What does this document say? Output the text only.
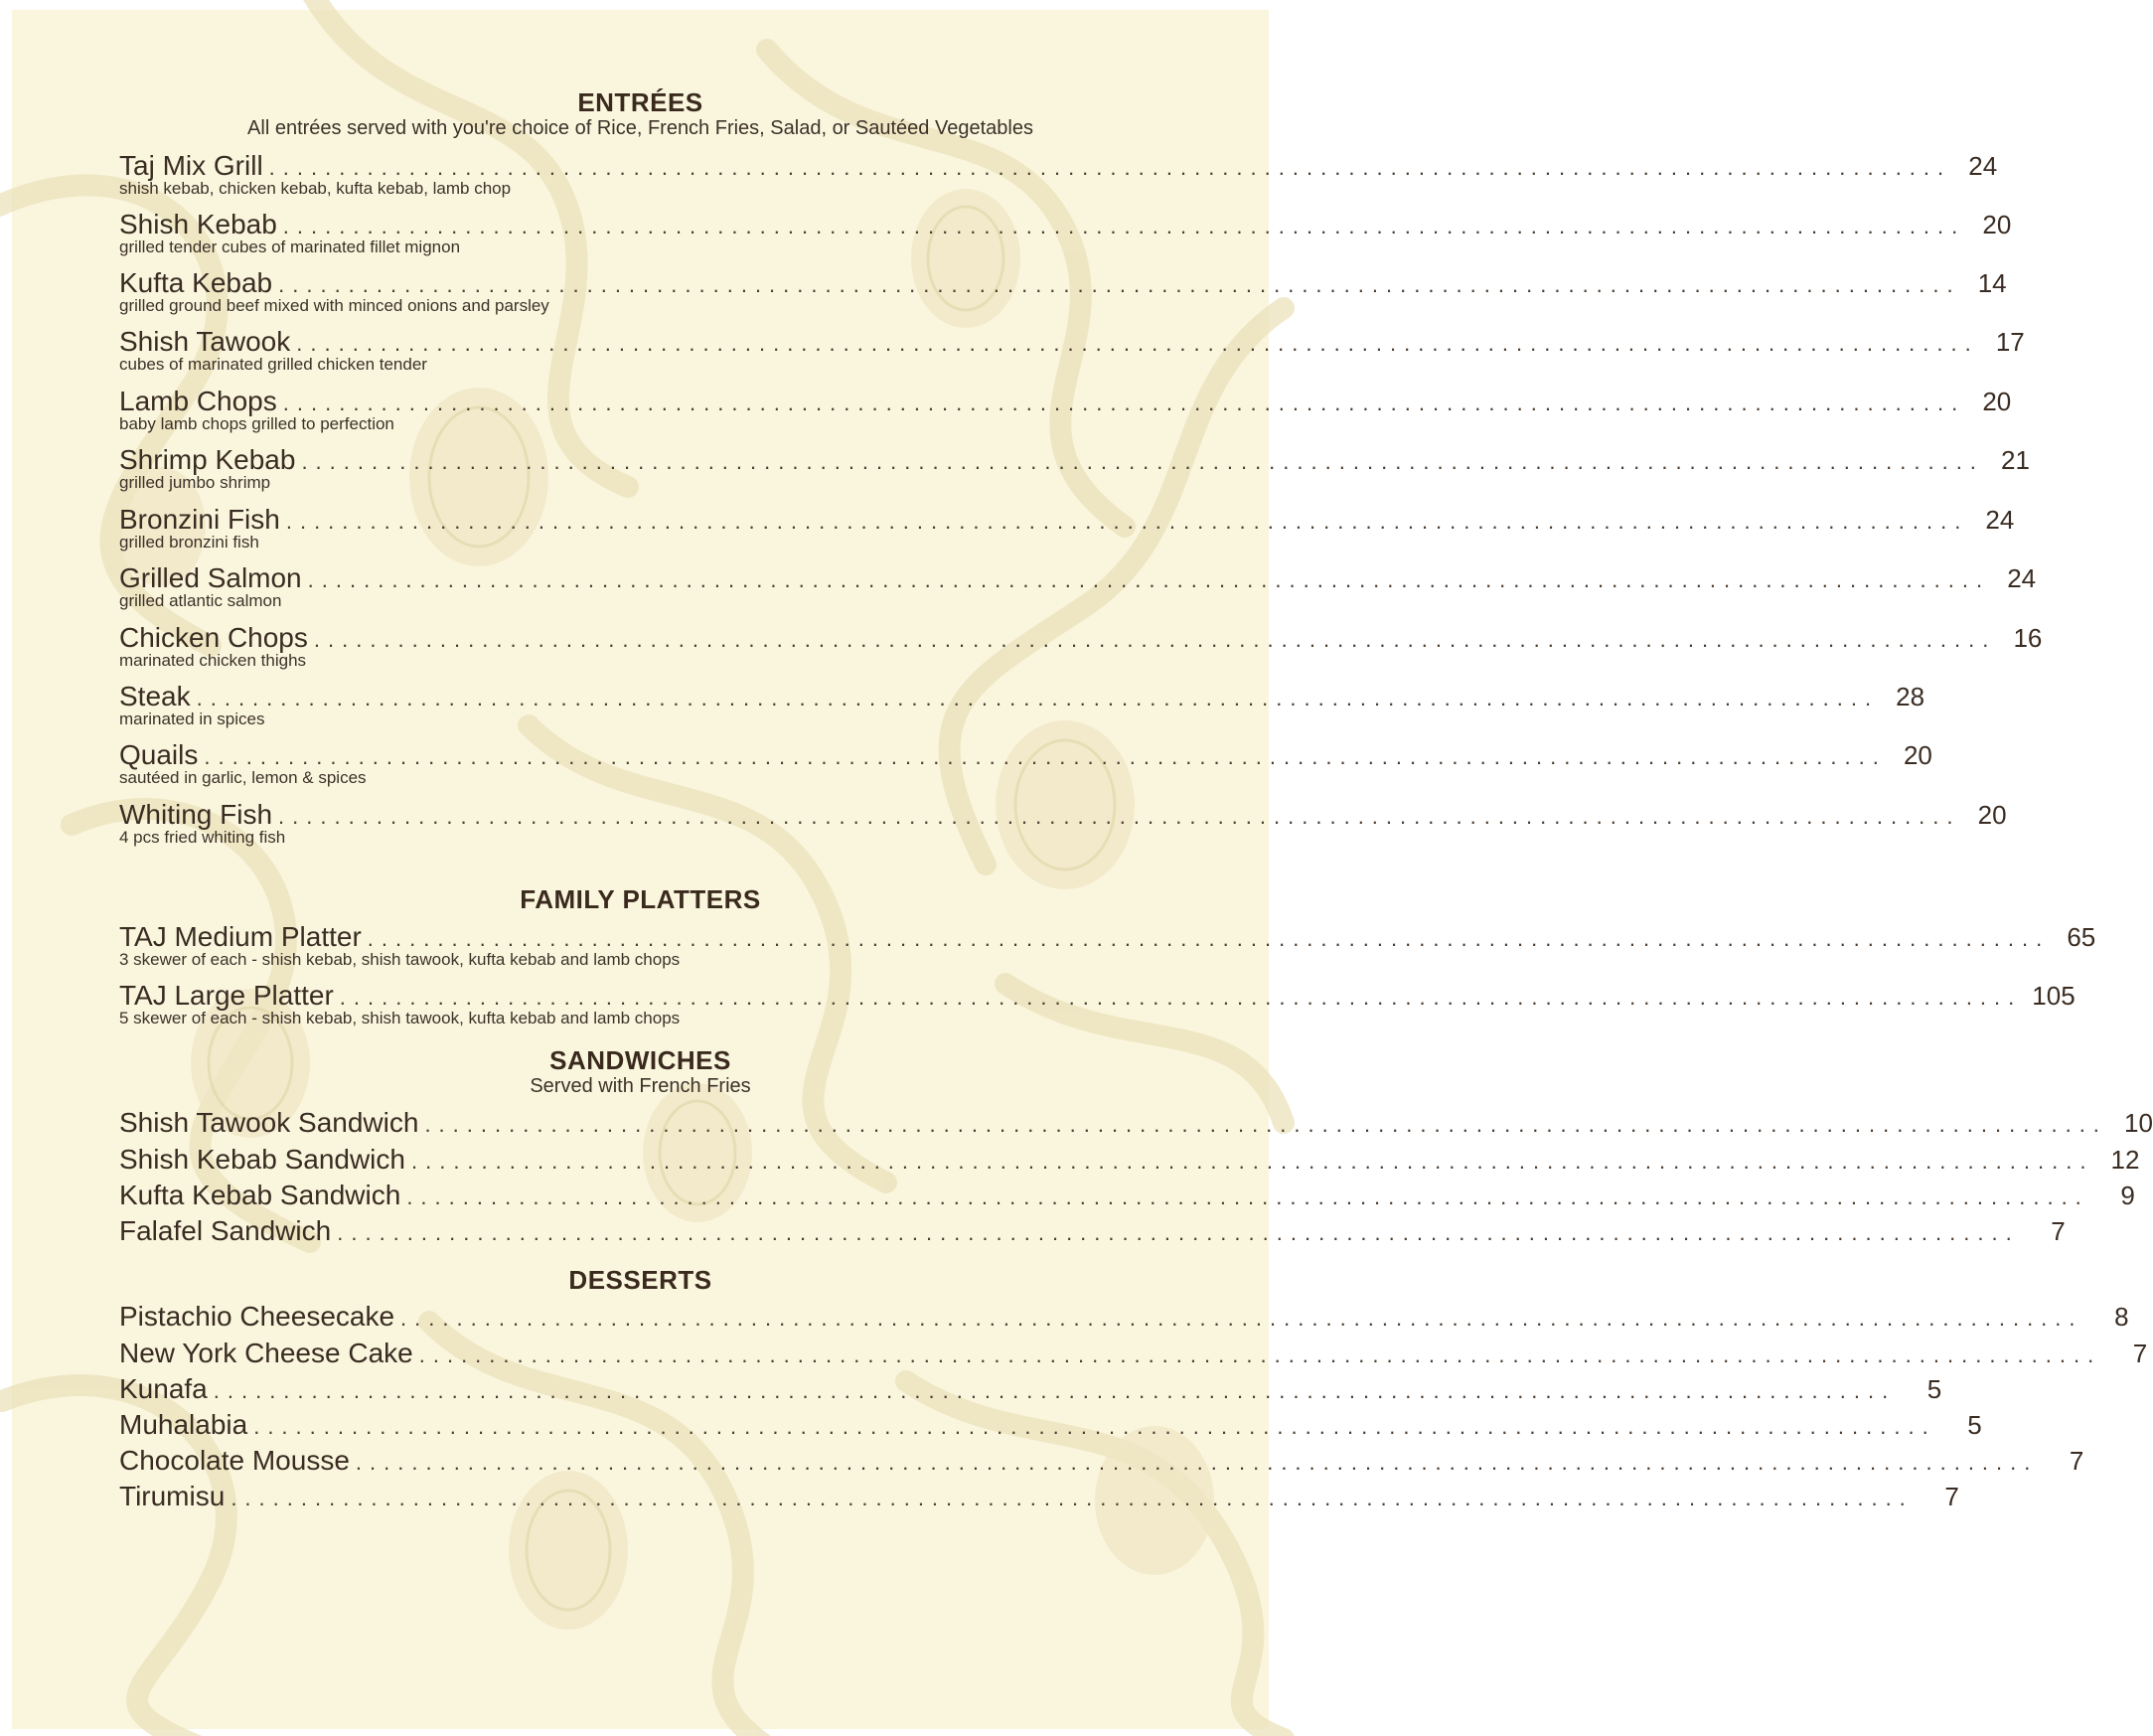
ENTRÉES
All entrées served with you're choice of Rice, French Fries, Salad, or Sautéed Vegetables
Taj Mix Grill ........................................................................................................................ 24
shish kebab, chicken kebab, kufta kebab, lamb chop
Shish Kebab ........................................................................................................................ 20
grilled tender cubes of marinated fillet mignon
Kufta Kebab ........................................................................................................................ 14
grilled ground beef mixed with minced onions and parsley
Shish Tawook ........................................................................................................................ 17
cubes of marinated grilled chicken tender
Lamb Chops ........................................................................................................................ 20
baby lamb chops grilled to perfection
Shrimp Kebab ........................................................................................................................ 21
grilled jumbo shrimp
Bronzini Fish ........................................................................................................................ 24
grilled bronzini fish
Grilled Salmon ........................................................................................................................ 24
grilled atlantic salmon
Chicken Chops ........................................................................................................................ 16
marinated chicken thighs
Steak ........................................................................................................................ 28
marinated in spices
Quails ........................................................................................................................ 20
sautéed in garlic, lemon & spices
Whiting Fish ........................................................................................................................ 20
4 pcs fried whiting fish
FAMILY PLATTERS
TAJ Medium Platter ........................................................................................................................ 65
3 skewer of each - shish kebab, shish tawook, kufta kebab and lamb chops
TAJ Large Platter ........................................................................................................................ 105
5 skewer of each - shish kebab, shish tawook, kufta kebab and lamb chops
SANDWICHES
Served with French Fries
Shish Tawook Sandwich ........................................................................................................................ 10
Shish Kebab Sandwich ........................................................................................................................ 12
Kufta Kebab Sandwich ........................................................................................................................	9
Falafel Sandwich ........................................................................................................................	7
DESSERTS
Pistachio Cheesecake ........................................................................................................................	8
New York Cheese Cake ........................................................................................................................	7
Kunafa ........................................................................................................................	5
Muhalabia ........................................................................................................................	5
Chocolate Mousse ........................................................................................................................	7
Tirumisu ........................................................................................................................	7
